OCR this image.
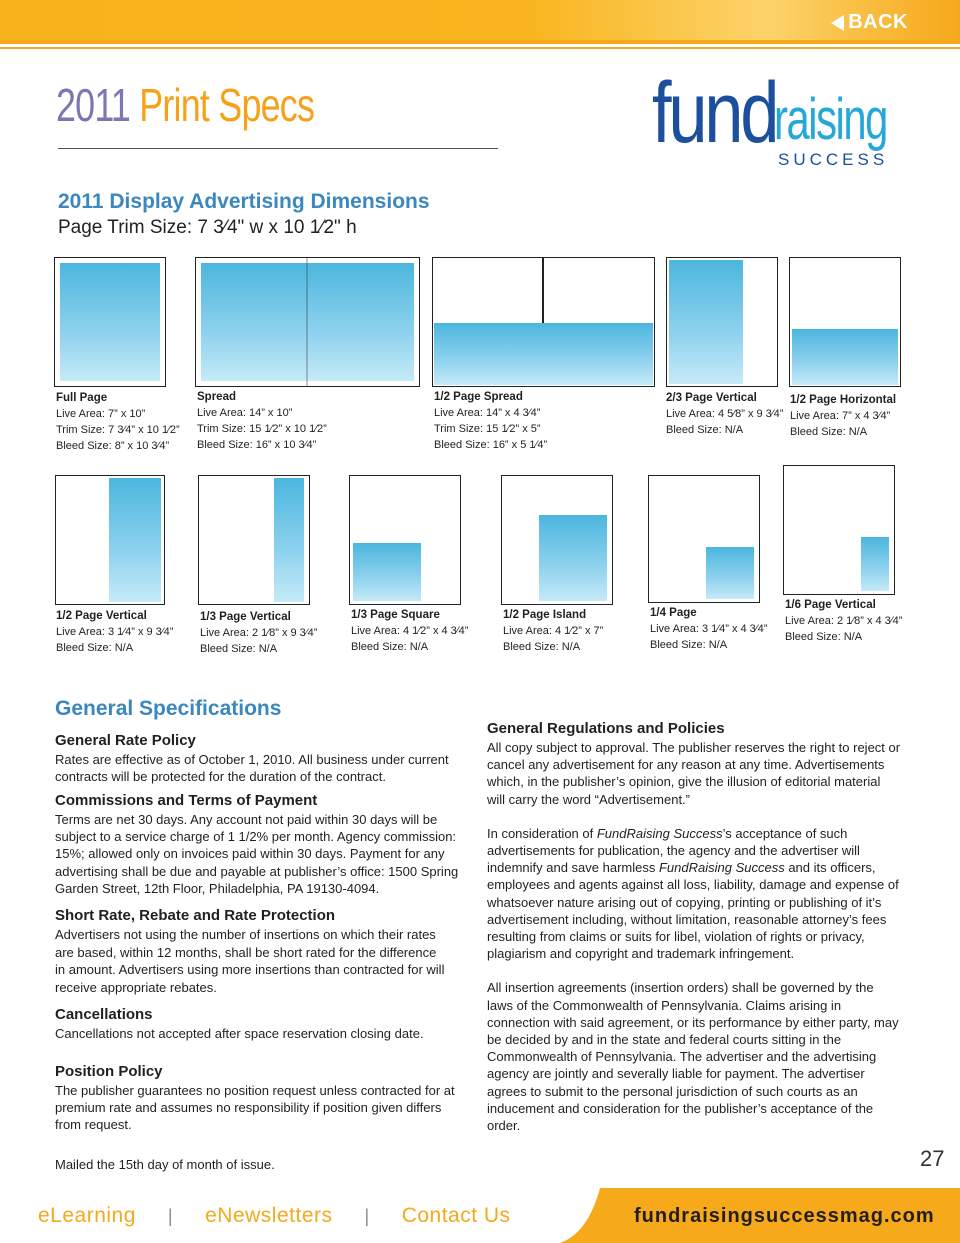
BACK
2011 Print Specs	fund
raising
SUCCESS
2011 Display Advertising Dimensions
Page Trim Size: 7 3⁄4" w x 10 1⁄2" h
Full Page
Live Area: 7” x 10”
Trim Size: 7 3⁄4” x 10 1⁄2”
Bleed Size: 8” x 10 3⁄4”
Spread
Live Area: 14” x 10”
Trim Size: 15 1⁄2” x 10 1⁄2”
Bleed Size: 16” x 10 3⁄4”
1/2 Page Spread
Live Area: 14” x 4 3⁄4”
Trim Size: 15 1⁄2” x 5”
Bleed Size: 16” x 5 1⁄4”
2/3 Page Vertical
Live Area: 4 5⁄8” x 9 3⁄4”
Bleed Size: N/A
1/2 Page Horizontal
Live Area: 7” x 4 3⁄4”
Bleed Size: N/A
1/2 Page Vertical
Live Area: 3 1⁄4” x 9 3⁄4”
Bleed Size: N/A
1/3 Page Vertical
Live Area: 2 1⁄8” x 9 3⁄4”
Bleed Size: N/A
1/3 Page Square
Live Area: 4 1⁄2” x 4 3⁄4”
Bleed Size: N/A
1/2 Page Island
Live Area: 4 1⁄2” x 7”
Bleed Size: N/A
1/4 Page
Live Area: 3 1⁄4” x 4 3⁄4”
Bleed Size: N/A
1/6 Page Vertical
Live Area: 2 1⁄8” x 4 3⁄4”
Bleed Size: N/A
General Specifications
General Rate Policy

Rates are effective as of October 1, 2010. All business under current contracts will be protected for the duration of the contract.

Commissions and Terms of Payment

Terms are net 30 days. Any account not paid within 30 days will be subject to a service charge of 1 1/2% per month. Agency commission: 15%; allowed only on invoices paid within 30 days. Payment for any advertising shall be due and payable at publisher’s office: 1500 Spring Garden Street, 12th Floor, Philadelphia, PA 19130-4094.

Short Rate, Rebate and Rate Protection

Advertisers not using the number of insertions on which their rates are based, within 12 months, shall be short rated for the difference in amount. Advertisers using more insertions than contracted for will receive appropriate rebates.

Cancellations

Cancellations not accepted after space reservation closing date.

Position Policy

The publisher guarantees no position request unless contracted for at premium rate and assumes no responsibility if position given differs from request.

Mailed the 15th day of month of issue.

General Regulations and Policies

All copy subject to approval. The publisher reserves the right to reject or cancel any advertisement for any reason at any time. Advertisements which, in the publisher’s opinion, give the illusion of editorial material will carry the word “Advertisement.”

In consideration of FundRaising Success’s acceptance of such advertisements for publication, the agency and the advertiser will indemnify and save harmless FundRaising Success and its officers, employees and agents against all loss, liability, damage and expense of whatsoever nature arising out of copying, printing or publishing of it’s advertisement including, without limitation, reasonable attorney’s fees resulting from claims or suits for libel, violation of rights or privacy, plagiarism and copyright and trademark infringement.

All insertion agreements (insertion orders) shall be governed by the laws of the Commonwealth of Pennsylvania. Claims arising in connection with said agreement, or its performance by either party, may be decided by and in the state and federal courts sitting in the Commonwealth of Pennsylvania. The advertiser and the advertising agency are jointly and severally liable for payment. The advertiser agrees to submit to the personal jurisdiction of such courts as an inducement and consideration for the publisher’s acceptance of the order.

27
eLearning | eNewsletters | Contact Us	fundraisingsuccessmag.com
